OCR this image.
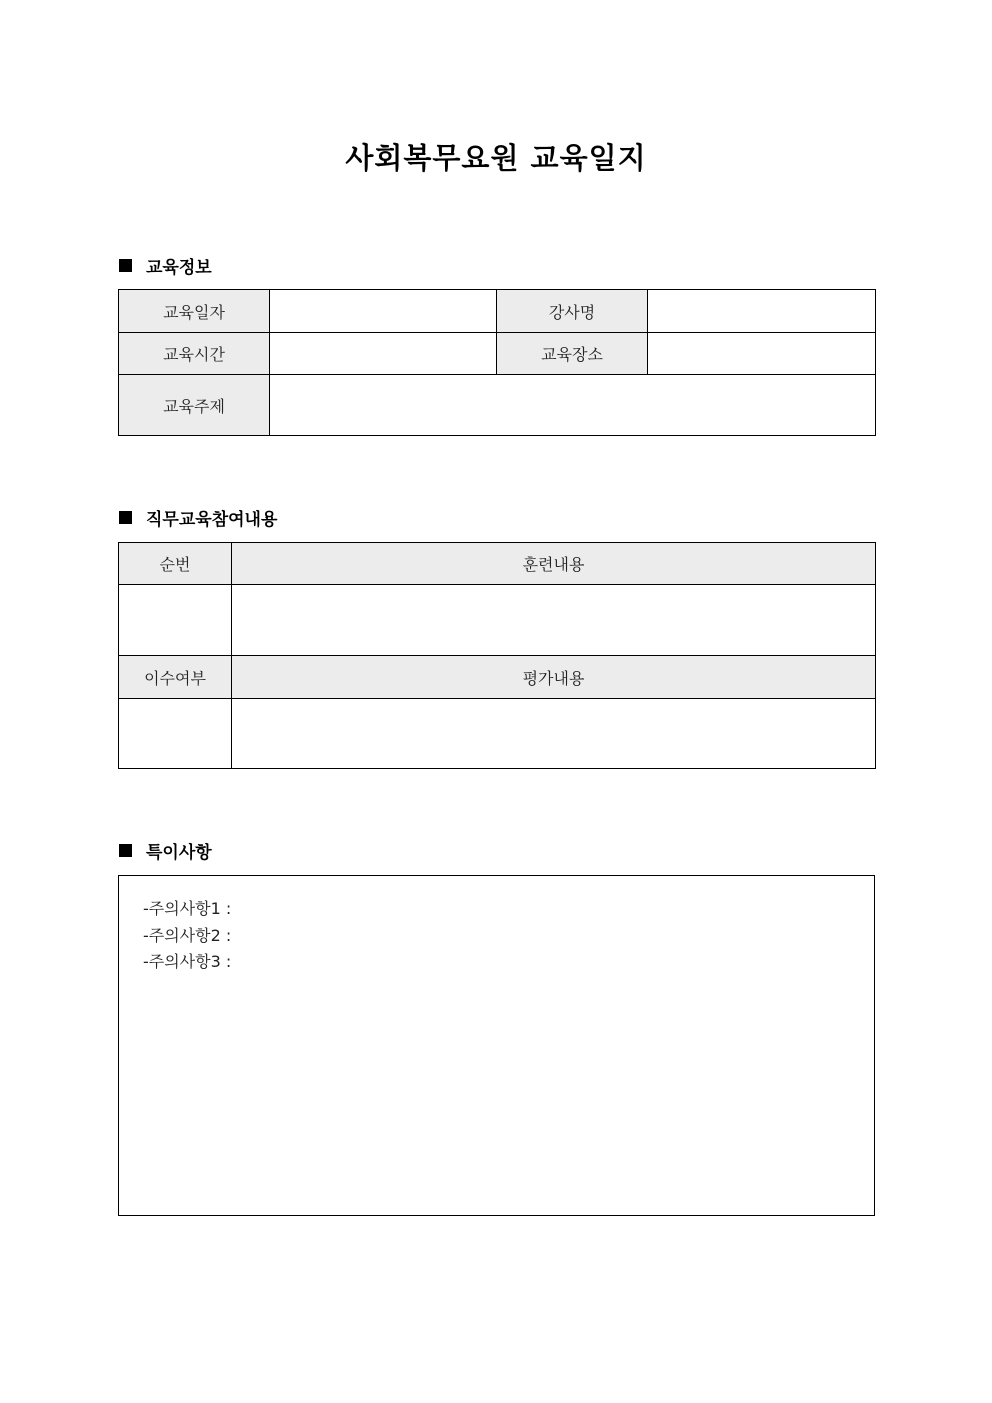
사회복무요원 교육일지
교육정보
교육일자		강사명	
교육시간		교육장소	
교육주제			
직무교육참여내용
순번	훈련내용

이수여부	평가내용

특이사항
-주의사항1 :
-주의사항2 :
-주의사항3 :
